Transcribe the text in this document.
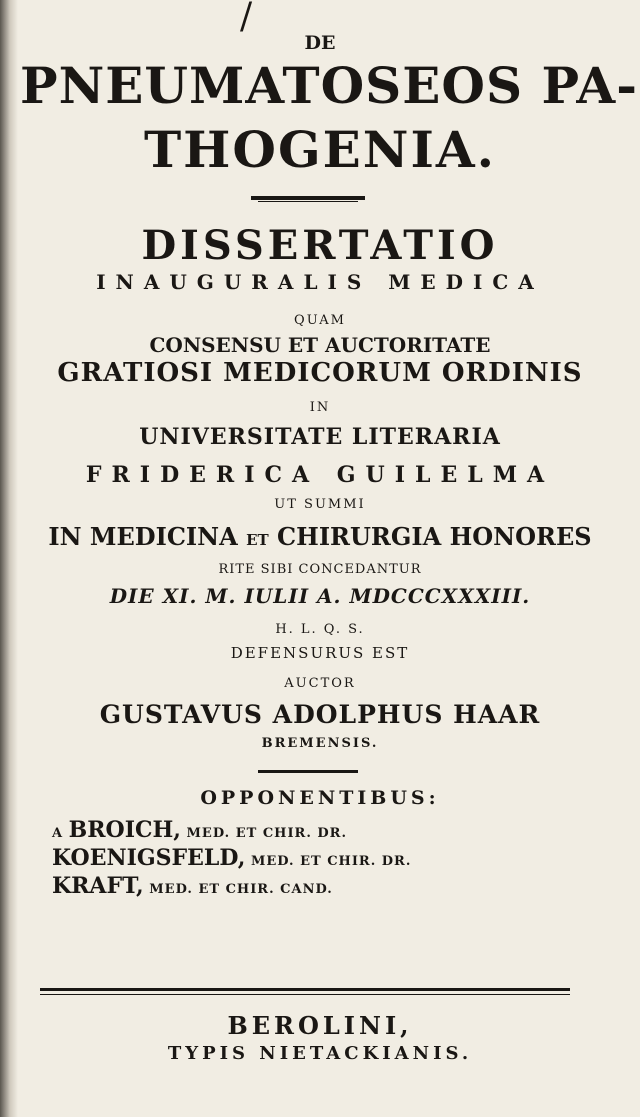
/
DE
PNEUMATOSEOS PA-
THOGENIA.
DISSERTATIO
INAUGURALIS MEDICA
QUAM
CONSENSU ET AUCTORITATE
GRATIOSI MEDICORUM ORDINIS
IN
UNIVERSITATE LITERARIA
FRIDERICA GUILELMA
UT SUMMI
IN MEDICINA ET CHIRURGIA HONORES
RITE SIBI CONCEDANTUR
DIE XI. M. IULII A. MDCCCXXXIII.
H. L. Q. S.
DEFENSURUS EST
AUCTOR
GUSTAVUS ADOLPHUS HAAR
BREMENSIS.
OPPONENTIBUS:
A BROICH, MED. ET CHIR. DR.
KOENIGSFELD, MED. ET CHIR. DR.
KRAFT, MED. ET CHIR. CAND.
BEROLINI,
TYPIS NIETACKIANIS.
